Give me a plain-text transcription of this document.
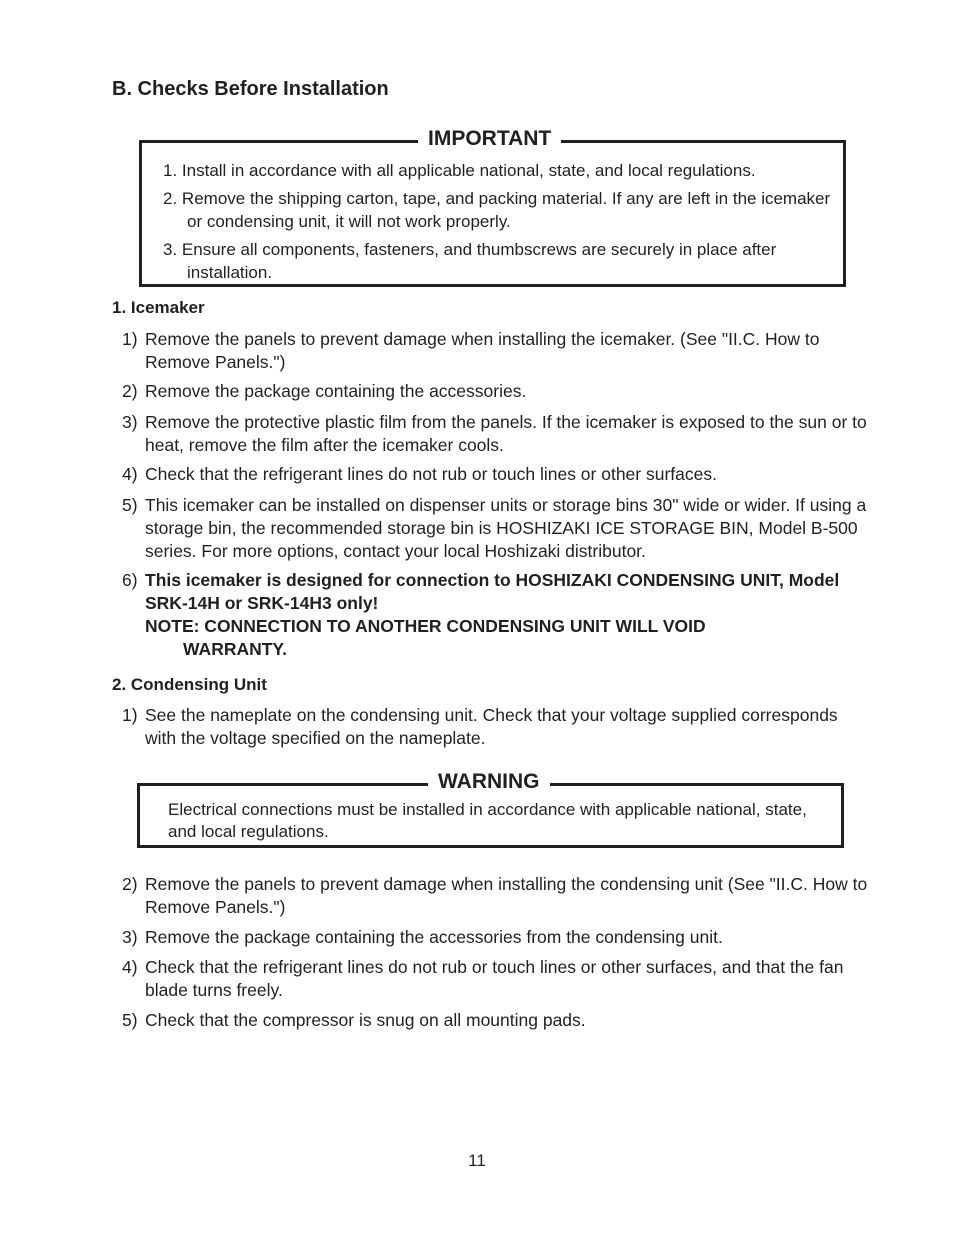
B. Checks Before Installation
IMPORTANT
1. Install in accordance with all applicable national, state, and local regulations.
2. Remove the shipping carton, tape, and packing material. If any are left in the icemaker or condensing unit, it will not work properly.
3. Ensure all components, fasteners, and thumbscrews are securely in place after installation.
1. Icemaker
1) Remove the panels to prevent damage when installing the icemaker. (See "II.C. How to Remove Panels.")
2) Remove the package containing the accessories.
3) Remove the protective plastic film from the panels. If the icemaker is exposed to the sun or to heat, remove the film after the icemaker cools.
4) Check that the refrigerant lines do not rub or touch lines or other surfaces.
5) This icemaker can be installed on dispenser units or storage bins 30" wide or wider. If using a storage bin, the recommended storage bin is HOSHIZAKI ICE STORAGE BIN, Model B-500 series. For more options, contact your local Hoshizaki distributor.
6) This icemaker is designed for connection to HOSHIZAKI CONDENSING UNIT, Model SRK-14H or SRK-14H3 only!
NOTE: CONNECTION TO ANOTHER CONDENSING UNIT WILL VOID
WARRANTY.
2. Condensing Unit
1) See the nameplate on the condensing unit. Check that your voltage supplied corresponds with the voltage specified on the nameplate.
WARNING
Electrical connections must be installed in accordance with applicable national, state, and local regulations.
2) Remove the panels to prevent damage when installing the condensing unit (See "II.C. How to Remove Panels.")
3) Remove the package containing the accessories from the condensing unit.
4) Check that the refrigerant lines do not rub or touch lines or other surfaces, and that the fan blade turns freely.
5) Check that the compressor is snug on all mounting pads.
11
